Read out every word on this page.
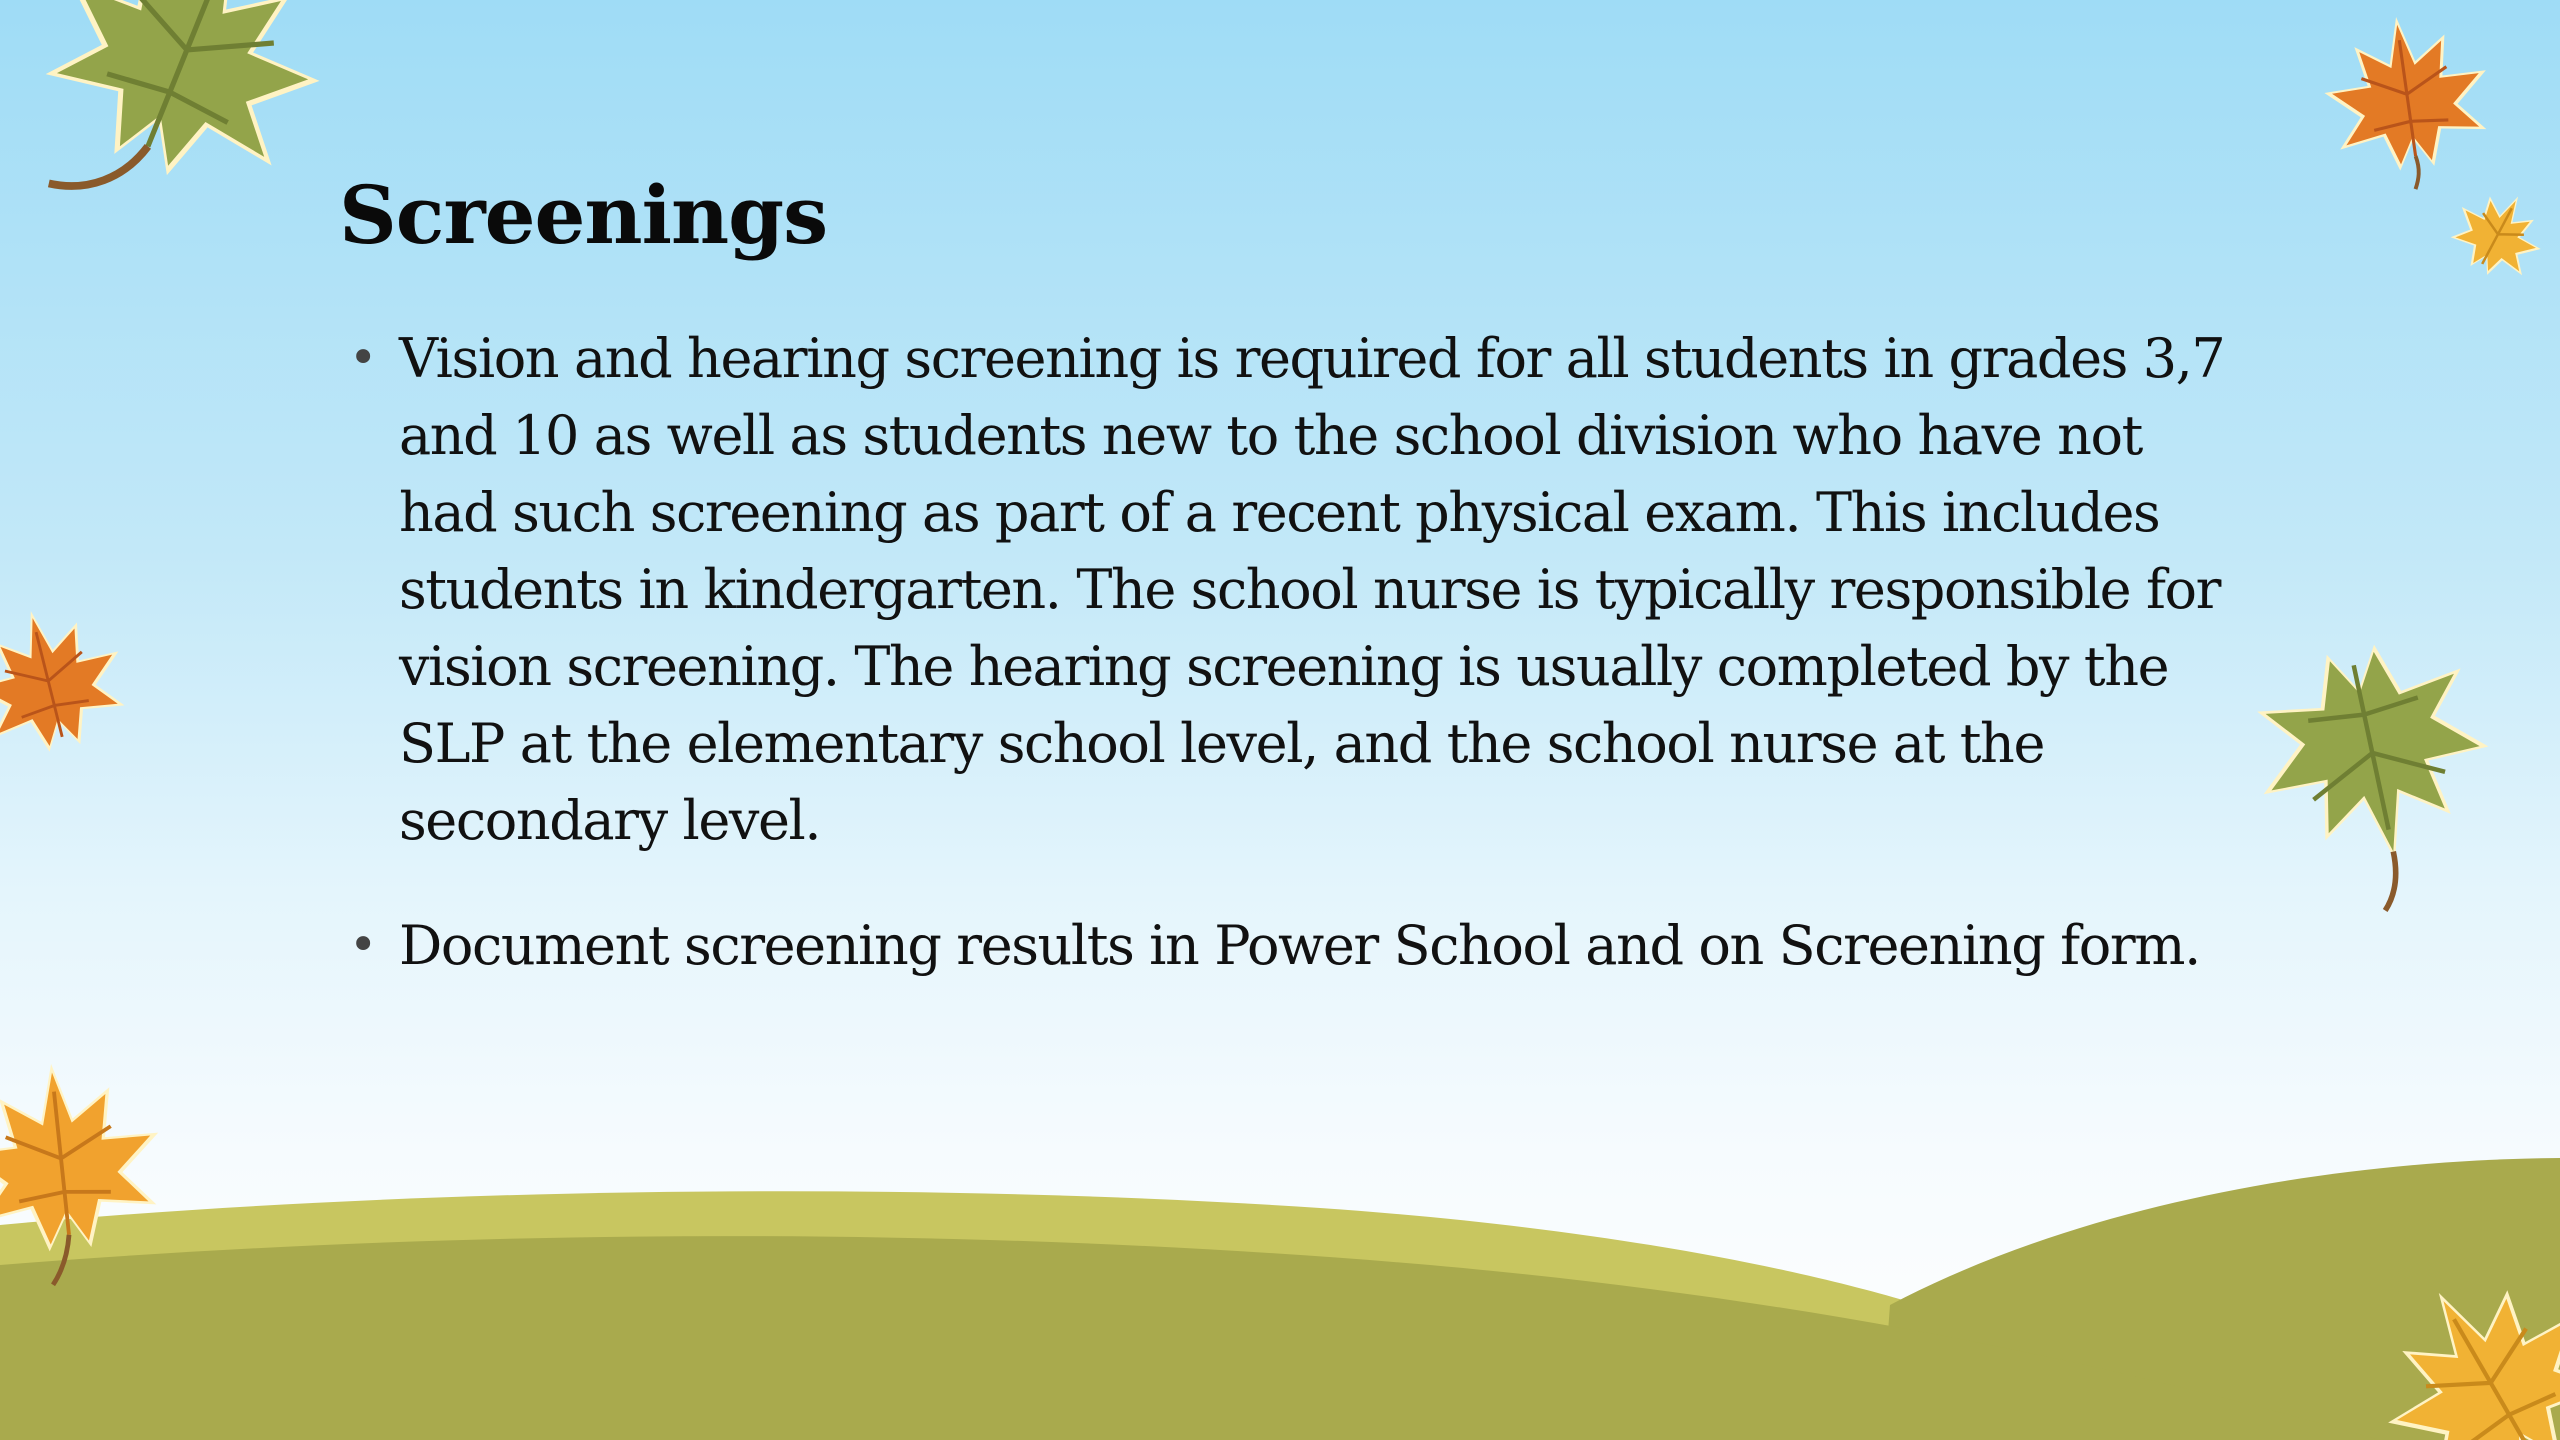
Screenings
• Vision and hearing screening is required for all students in grades 3,7 and 10 as well as students new to the school division who have not had such screening as part of a recent physical exam. This includes students in kindergarten. The school nurse is typically responsible for vision screening. The hearing screening is usually completed by the SLP at the elementary school level, and the school nurse at the secondary level.
• Document screening results in Power School and on Screening form.
